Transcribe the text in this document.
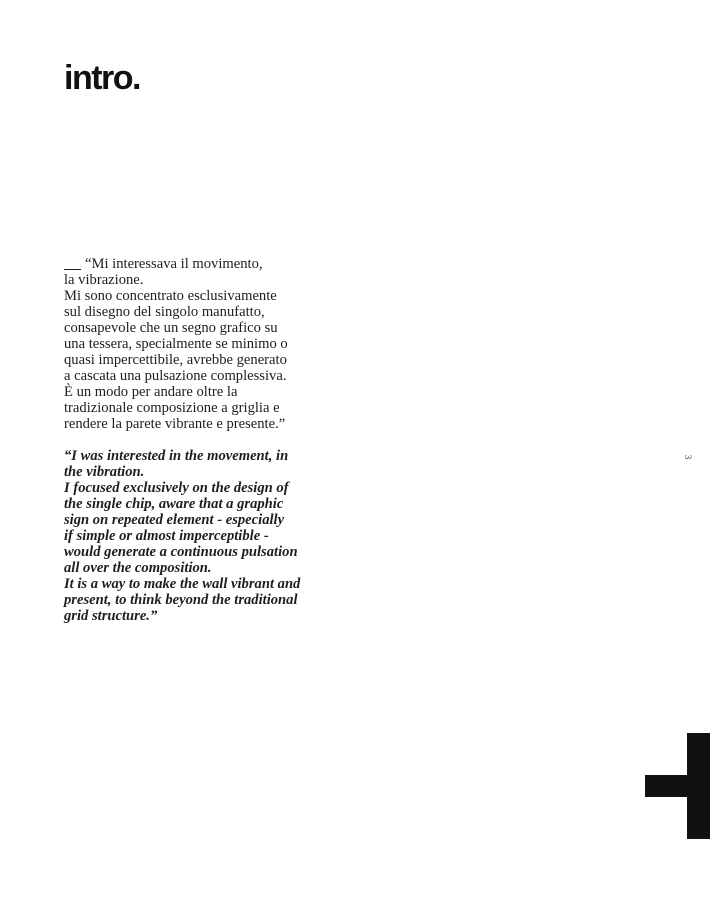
intro.
“Mi interessava il movimento,
la vibrazione.
Mi sono concentrato esclusivamente
sul disegno del singolo manufatto,
consapevole che un segno grafico su
una tessera, specialmente se minimo o
quasi impercettibile, avrebbe generato
a cascata una pulsazione complessiva.
È un modo per andare oltre la
tradizionale composizione a griglia e
rendere la parete vibrante e presente.”
“I was interested in the movement, in
the vibration.
I focused exclusively on the design of
the single chip, aware that a graphic
sign on repeated element - especially
if simple or almost imperceptible -
would generate a continuous pulsation
all over the composition.
It is a way to make the wall vibrant and
present, to think beyond the traditional
grid structure.”
3
